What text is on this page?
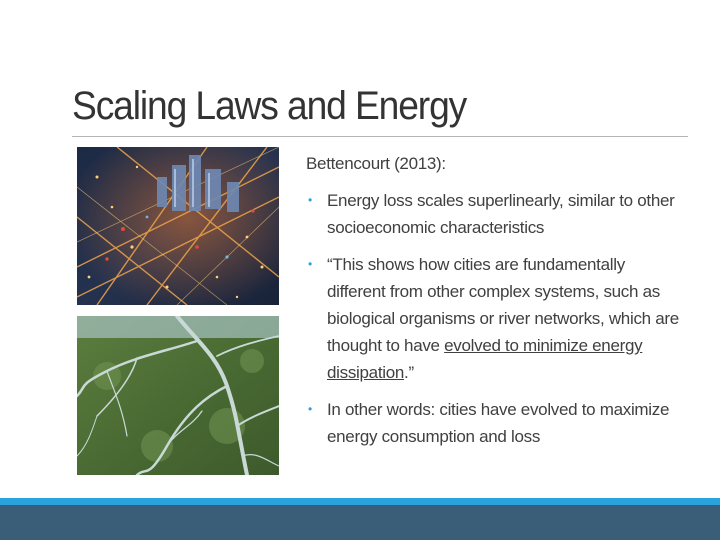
Scaling Laws and Energy
Bettencourt (2013):
• Energy loss scales superlinearly, similar to other socioeconomic characteristics
• “This shows how cities are fundamentally different from other complex systems, such as biological organisms or river networks, which are thought to have evolved to minimize energy dissipation.”
• In other words: cities have evolved to maximize energy consumption and loss
